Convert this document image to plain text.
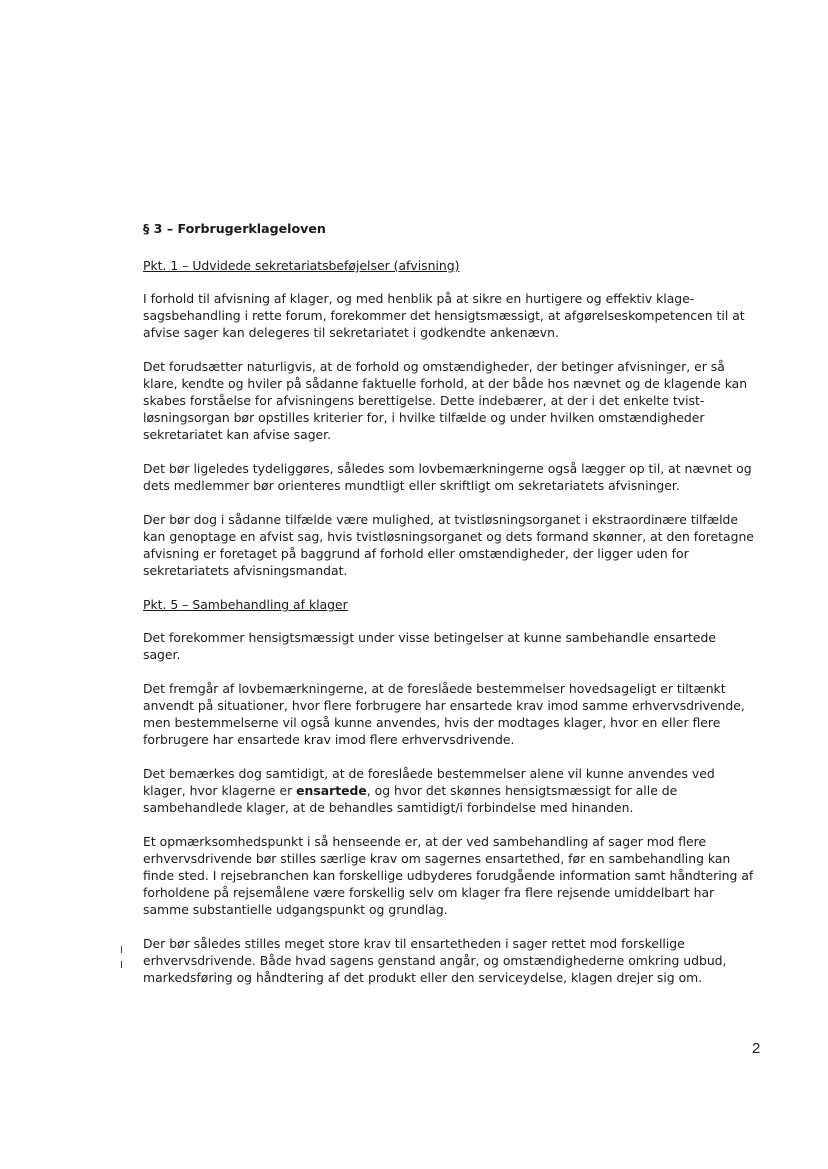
§ 3 – Forbrugerklageloven
Pkt. 1 – Udvidede sekretariatsbeføjelser (afvisning)
I forhold til afvisning af klager, og med henblik på at sikre en hurtigere og effektiv klage-
sagsbehandling i rette forum, forekommer det hensigtsmæssigt, at afgørelseskompetencen til at
afvise sager kan delegeres til sekretariatet i godkendte ankenævn.
Det forudsætter naturligvis, at de forhold og omstændigheder, der betinger afvisninger, er så
klare, kendte og hviler på sådanne faktuelle forhold, at der både hos nævnet og de klagende kan
skabes forståelse for afvisningens berettigelse. Dette indebærer, at der i det enkelte tvist-
løsningsorgan bør opstilles kriterier for, i hvilke tilfælde og under hvilken omstændigheder
sekretariatet kan afvise sager.
Det bør ligeledes tydeliggøres, således som lovbemærkningerne også lægger op til, at nævnet og
dets medlemmer bør orienteres mundtligt eller skriftligt om sekretariatets afvisninger.
Der bør dog i sådanne tilfælde være mulighed, at tvistløsningsorganet i ekstraordinære tilfælde
kan genoptage en afvist sag, hvis tvistløsningsorganet og dets formand skønner, at den foretagne
afvisning er foretaget på baggrund af forhold eller omstændigheder, der ligger uden for
sekretariatets afvisningsmandat.
Pkt. 5 – Sambehandling af klager
Det forekommer hensigtsmæssigt under visse betingelser at kunne sambehandle ensartede
sager.
Det fremgår af lovbemærkningerne, at de foreslåede bestemmelser hovedsageligt er tiltænkt
anvendt på situationer, hvor flere forbrugere har ensartede krav imod samme erhvervsdrivende,
men bestemmelserne vil også kunne anvendes, hvis der modtages klager, hvor en eller flere
forbrugere har ensartede krav imod flere erhvervsdrivende.
Det bemærkes dog samtidigt, at de foreslåede bestemmelser alene vil kunne anvendes ved
klager, hvor klagerne er ensartede, og hvor det skønnes hensigtsmæssigt for alle de
sambehandlede klager, at de behandles samtidigt/i forbindelse med hinanden.
Et opmærksomhedspunkt i så henseende er, at der ved sambehandling af sager mod flere
erhvervsdrivende bør stilles særlige krav om sagernes ensartethed, før en sambehandling kan
finde sted. I rejsebranchen kan forskellige udbyderes forudgående information samt håndtering af
forholdene på rejsemålene være forskellig selv om klager fra flere rejsende umiddelbart har
samme substantielle udgangspunkt og grundlag.
Der bør således stilles meget store krav til ensartetheden i sager rettet mod forskellige
erhvervsdrivende. Både hvad sagens genstand angår, og omstændighederne omkring udbud,
markedsføring og håndtering af det produkt eller den serviceydelse, klagen drejer sig om.
2
